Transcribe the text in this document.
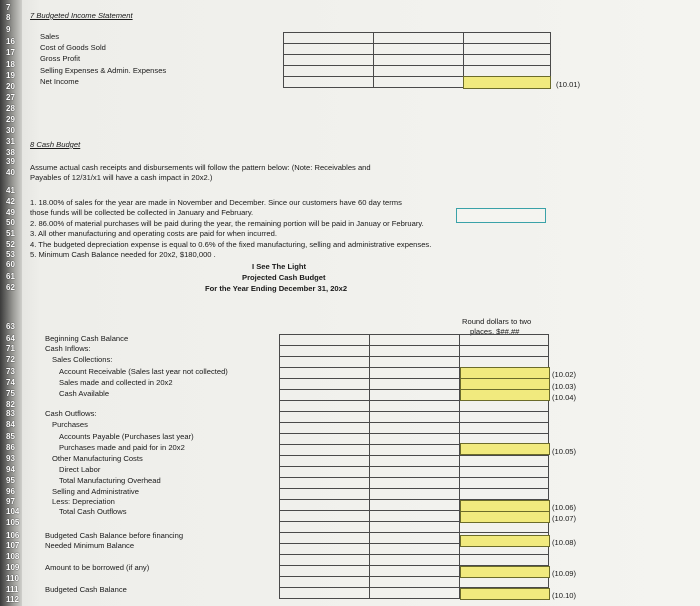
7
8
9
16
17
18
19
20
27
28
29
30
31
38
39
40
41
42
49
50
51
52
53
60
61
62
63
64
71
72
73
74
75
82
83
84
85
86
93
94
95
96
97
104
105
106
107
108
109
110
111
112
7 Budgeted Income Statement
Sales
Cost of Goods Sold
Gross Profit
Selling Expenses & Admin. Expenses
Net Income	(10.01)
8 Cash Budget
Assume actual cash receipts and disbursements will follow the pattern below: (Note: Receivables and
Payables of 12/31/x1 will have a cash impact in 20x2.)
1. 18.00% of sales for the year are made in November and December. Since our customers have 60 day terms
those funds will be collected be collected in January and February.
2. 86.00% of material purchases will be paid during the year, the remaining portion will be paid in Januay or February.
3. All other manufacturing and operating costs are paid for when incurred.
4. The budgeted depreciation expense is equal to 0.6% of the fixed manufacturing, selling and administrative expenses.
5. Minimum Cash Balance needed for 20x2, $180,000 .
I See The Light
Projected Cash Budget
For the Year Ending December 31, 20x2
Round dollars to two
places. $##.##
Beginning Cash Balance
Cash Inflows:
Sales Collections:
Account Receivable (Sales last year not collected)
Sales made and collected in 20x2
Cash Available
Cash Outflows:
Purchases
Accounts Payable (Purchases last year)
Purchases made and paid for in 20x2
Other Manufacturing Costs
Direct Labor
Total Manufacturing Overhead
Selling and Administrative
Less: Depreciation
Total Cash Outflows
Budgeted Cash Balance before financing
Needed Minimum Balance
Amount to be borrowed (if any)
Budgeted Cash Balance
(10.02)
(10.03)
(10.04)
(10.05)
(10.06)
(10.07)
(10.08)
(10.09)
(10.10)
